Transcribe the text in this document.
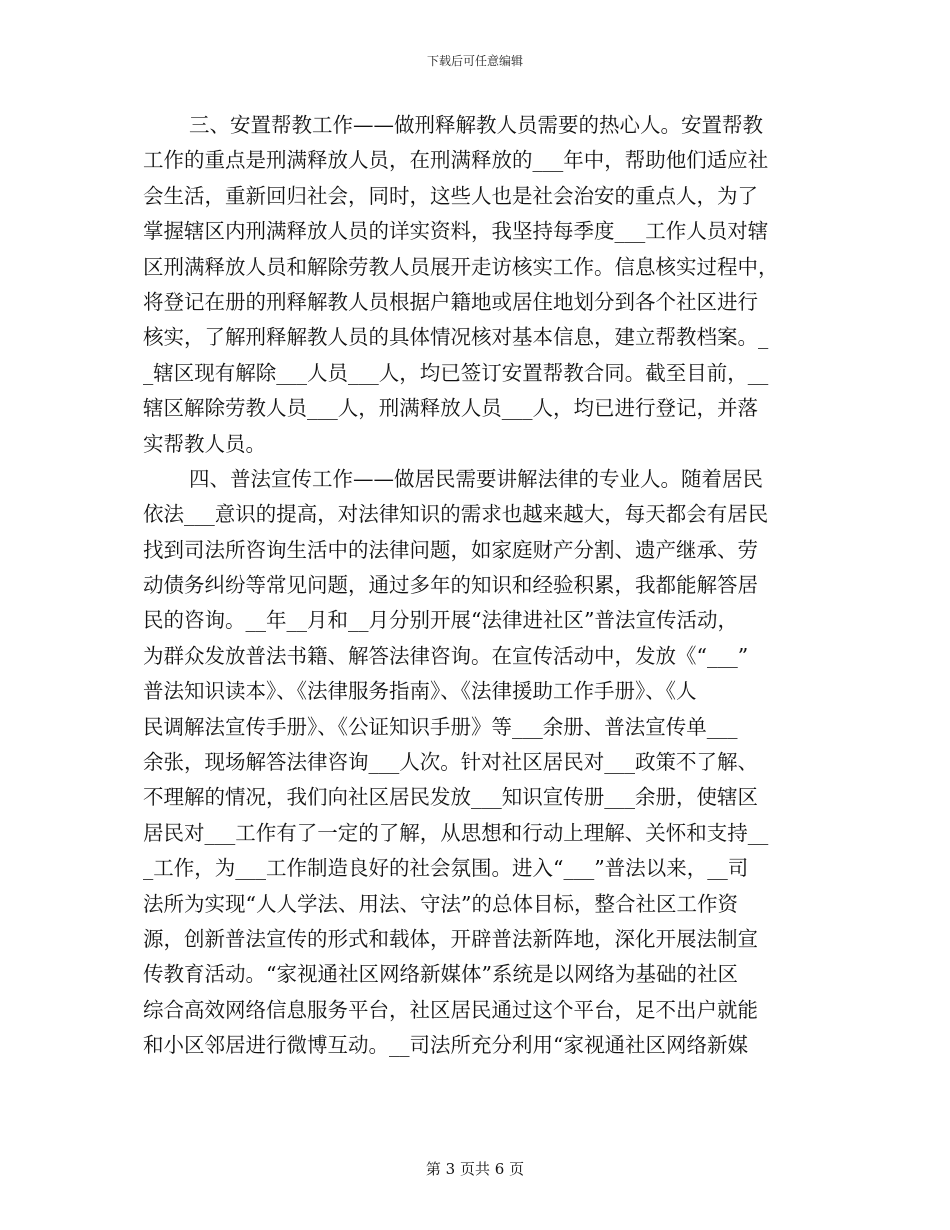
下载后可任意编辑
三、安置帮教工作——做刑释解教人员需要的热心人。安置帮教
工作的重点是刑满释放人员，在刑满释放的___年中，帮助他们适应社
会生活，重新回归社会，同时，这些人也是社会治安的重点人，为了
掌握辖区内刑满释放人员的详实资料，我坚持每季度___工作人员对辖
区刑满释放人员和解除劳教人员展开走访核实工作。信息核实过程中，
将登记在册的刑释解教人员根据户籍地或居住地划分到各个社区进行
核实，了解刑释解教人员的具体情况核对基本信息，建立帮教档案。_
_辖区现有解除___人员___人，均已签订安置帮教合同。截至目前，__
辖区解除劳教人员___人，刑满释放人员___人，均已进行登记，并落
实帮教人员。
四、普法宣传工作——做居民需要讲解法律的专业人。随着居民
依法___意识的提高，对法律知识的需求也越来越大，每天都会有居民
找到司法所咨询生活中的法律问题，如家庭财产分割、遗产继承、劳
动债务纠纷等常见问题，通过多年的知识和经验积累，我都能解答居
民的咨询。__年__月和__月分别开展“法律进社区”普法宣传活动，
为群众发放普法书籍、解答法律咨询。在宣传活动中，发放《“___”
普法知识读本》、《法律服务指南》、《法律援助工作手册》、《人
民调解法宣传手册》、《公证知识手册》等___余册、普法宣传单___
余张，现场解答法律咨询___人次。针对社区居民对___政策不了解、
不理解的情况，我们向社区居民发放___知识宣传册___余册，使辖区
居民对___工作有了一定的了解，从思想和行动上理解、关怀和支持__
_工作，为___工作制造良好的社会氛围。进入“___”普法以来，__司
法所为实现“人人学法、用法、守法”的总体目标，整合社区工作资
源，创新普法宣传的形式和载体，开辟普法新阵地，深化开展法制宣
传教育活动。“家视通社区网络新媒体”系统是以网络为基础的社区
综合高效网络信息服务平台，社区居民通过这个平台，足不出户就能
和小区邻居进行微博互动。__司法所充分利用“家视通社区网络新媒
第 3 页共 6 页
